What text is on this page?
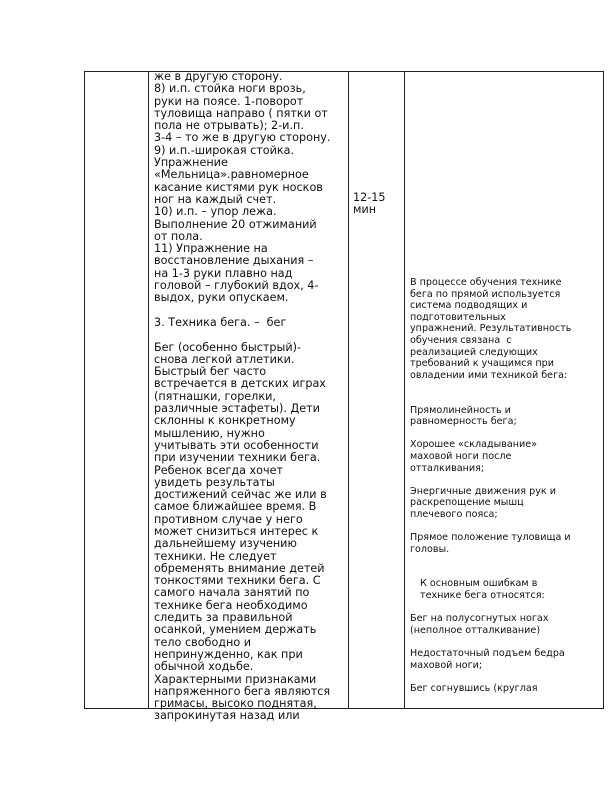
же в другую сторону.
8) и.п. стойка ноги врозь,
руки на поясе. 1-поворот
туловища направо ( пятки от
пола не отрывать); 2-и.п.
3-4 – то же в другую сторону.
9) и.п.-широкая стойка.
Упражнение
«Мельница».равномерное
касание кистями рук носков
ног на каждый счет.
10) и.п. – упор лежа.
Выполнение 20 отжиманий
от пола.
11) Упражнение на
восстановление дыхания –
на 1-3 руки плавно над
головой – глубокий вдох, 4-
выдох, руки опускаем.
3. Техника бега. –  бег
Бег (особенно быстрый)-
снова легкой атлетики.
Быстрый бег часто
встречается в детских играх
(пятнашки, горелки,
различные эстафеты). Дети
склонны к конкретному
мышлению, нужно
учитывать эти особенности
при изучении техники бега.
Ребенок всегда хочет
увидеть результаты
достижений сейчас же или в
самое ближайшее время. В
противном случае у него
может снизиться интерес к
дальнейшему изучению
техники. Не следует
обременять внимание детей
тонкостями техники бега. С
самого начала занятий по
технике бега необходимо
следить за правильной
осанкой, умением держать
тело свободно и
непринужденно, как при
обычной ходьбе.
Характерными признаками
напряженного бега являются
гримасы, высоко поднятая,
запрокинутая назад или
12-15
мин
В процессе обучения технике
бега по прямой используется
система подводящих и
подготовительных
упражнений. Результативность
обучения связана  с
реализацией следующих
требований к учащимся при
овладении ими техникой бега:
Прямолинейность и
равномерность бега;
Хорошее «складывание»
маховой ноги после
отталкивания;
Энергичные движения рук и
раскрепощение мышц
плечевого пояса;
Прямое положение туловища и
головы.
К основным ошибкам в
технике бега относятся:
Бег на полусогнутых ногах
(неполное отталкивание)
Недостаточный подъем бедра
маховой ноги;
Бег согнувшись (круглая
